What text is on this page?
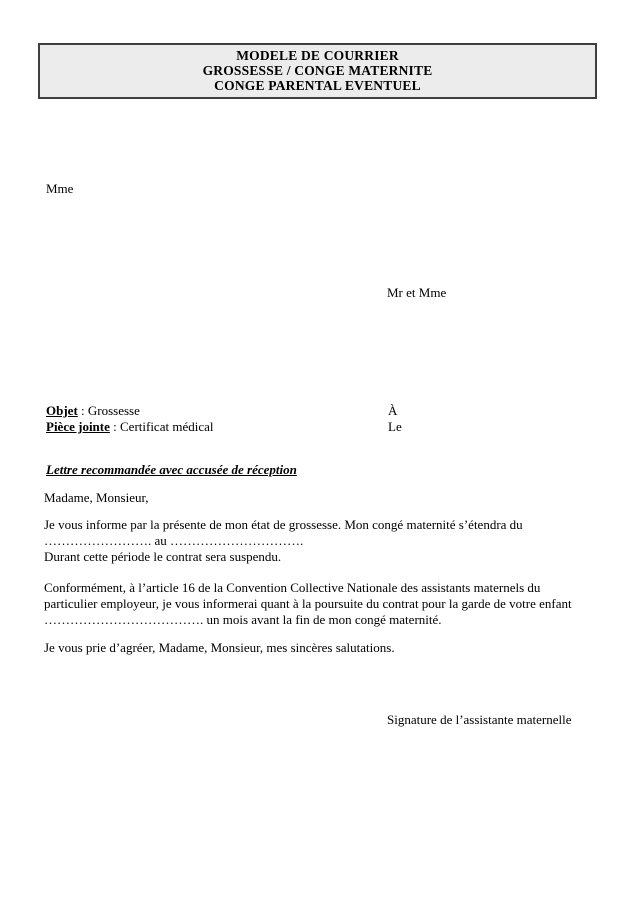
MODELE DE COURRIER
GROSSESSE / CONGE MATERNITE
CONGE PARENTAL EVENTUEL
Mme
Mr et Mme
Objet : Grossesse	À
Pièce jointe : Certificat médical	Le
Lettre recommandée avec accusée de réception
Madame, Monsieur,
Je vous informe par la présente de mon état de grossesse. Mon congé maternité s’étendra du
……………………. au ………………………….
Durant cette période le contrat sera suspendu.
Conformément, à l’article 16 de la Convention Collective Nationale des assistants maternels du
particulier employeur, je vous informerai quant à la poursuite du contrat pour la garde de votre enfant
………………………………. un mois avant la fin de mon congé maternité.
Je vous prie d’agréer, Madame, Monsieur, mes sincères salutations.
Signature de l’assistante maternelle
